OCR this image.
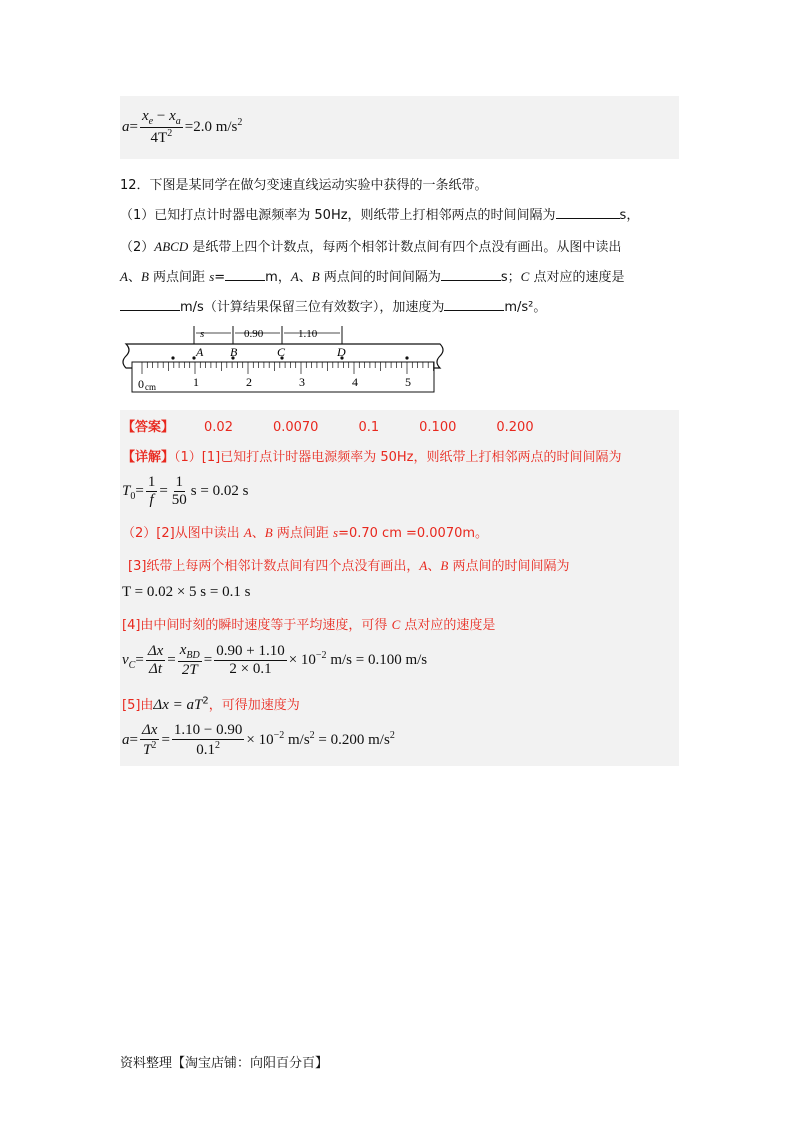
$a= \frac{x_e - x_a}{4T^2} =2.0$ $m/s^2$
12．下图是某同学在做匀变速直线运动实验中获得的一条纸带。
（1）已知打点计时器电源频率为 50Hz，则纸带上打相邻两点的时间间隔为	s，
（2）ABCD 是纸带上四个计数点，每两个相邻计数点间有四个点没有画出。从图中读出
A、B 两点间距 s=	m，A、B 两点间的时间间隔为	s；C 点对应的速度是
m/s（计算结果保留三位有效数字），加速度为	m/s²。
s	0.90	1.10
A B	C	D
0 cm	1	2	3	4	5
【答案】 0.02	0.0070	0.1	0.100	0.200
【详解】（1）[1]已知打点计时器电源频率为 50Hz，则纸带上打相邻两点的时间间隔为
$T_0= \frac{1}{f} = \frac{1}{50}$ s = 0.02 s
（2）[2]从图中读出 A、B 两点间距 s=0.70 cm =0.0070m。
[3]纸带上每两个相邻计数点间有四个点没有画出，A、B 两点间的时间间隔为
T = 0.02 × 5 s = 0.1 s
[4]由中间时刻的瞬时速度等于平均速度，可得 C 点对应的速度是
$v_C= \frac{\Delta x}{\Delta t} = \frac{x_{BD}}{2T} = \frac{0.90 + 1.10}{2 \times 0.1} \times 10^{-2}$ m/s = 0.100 m/s
[5]由$\Delta x = aT^2$，可得加速度为
$a= \frac{\Delta x}{T^2} = \frac{1.10 - 0.90}{0.1^2} \times 10^{-2}$ $m/s^2 = 0.200$ $m/s^2$
资料整理【淘宝店铺：向阳百分百】
